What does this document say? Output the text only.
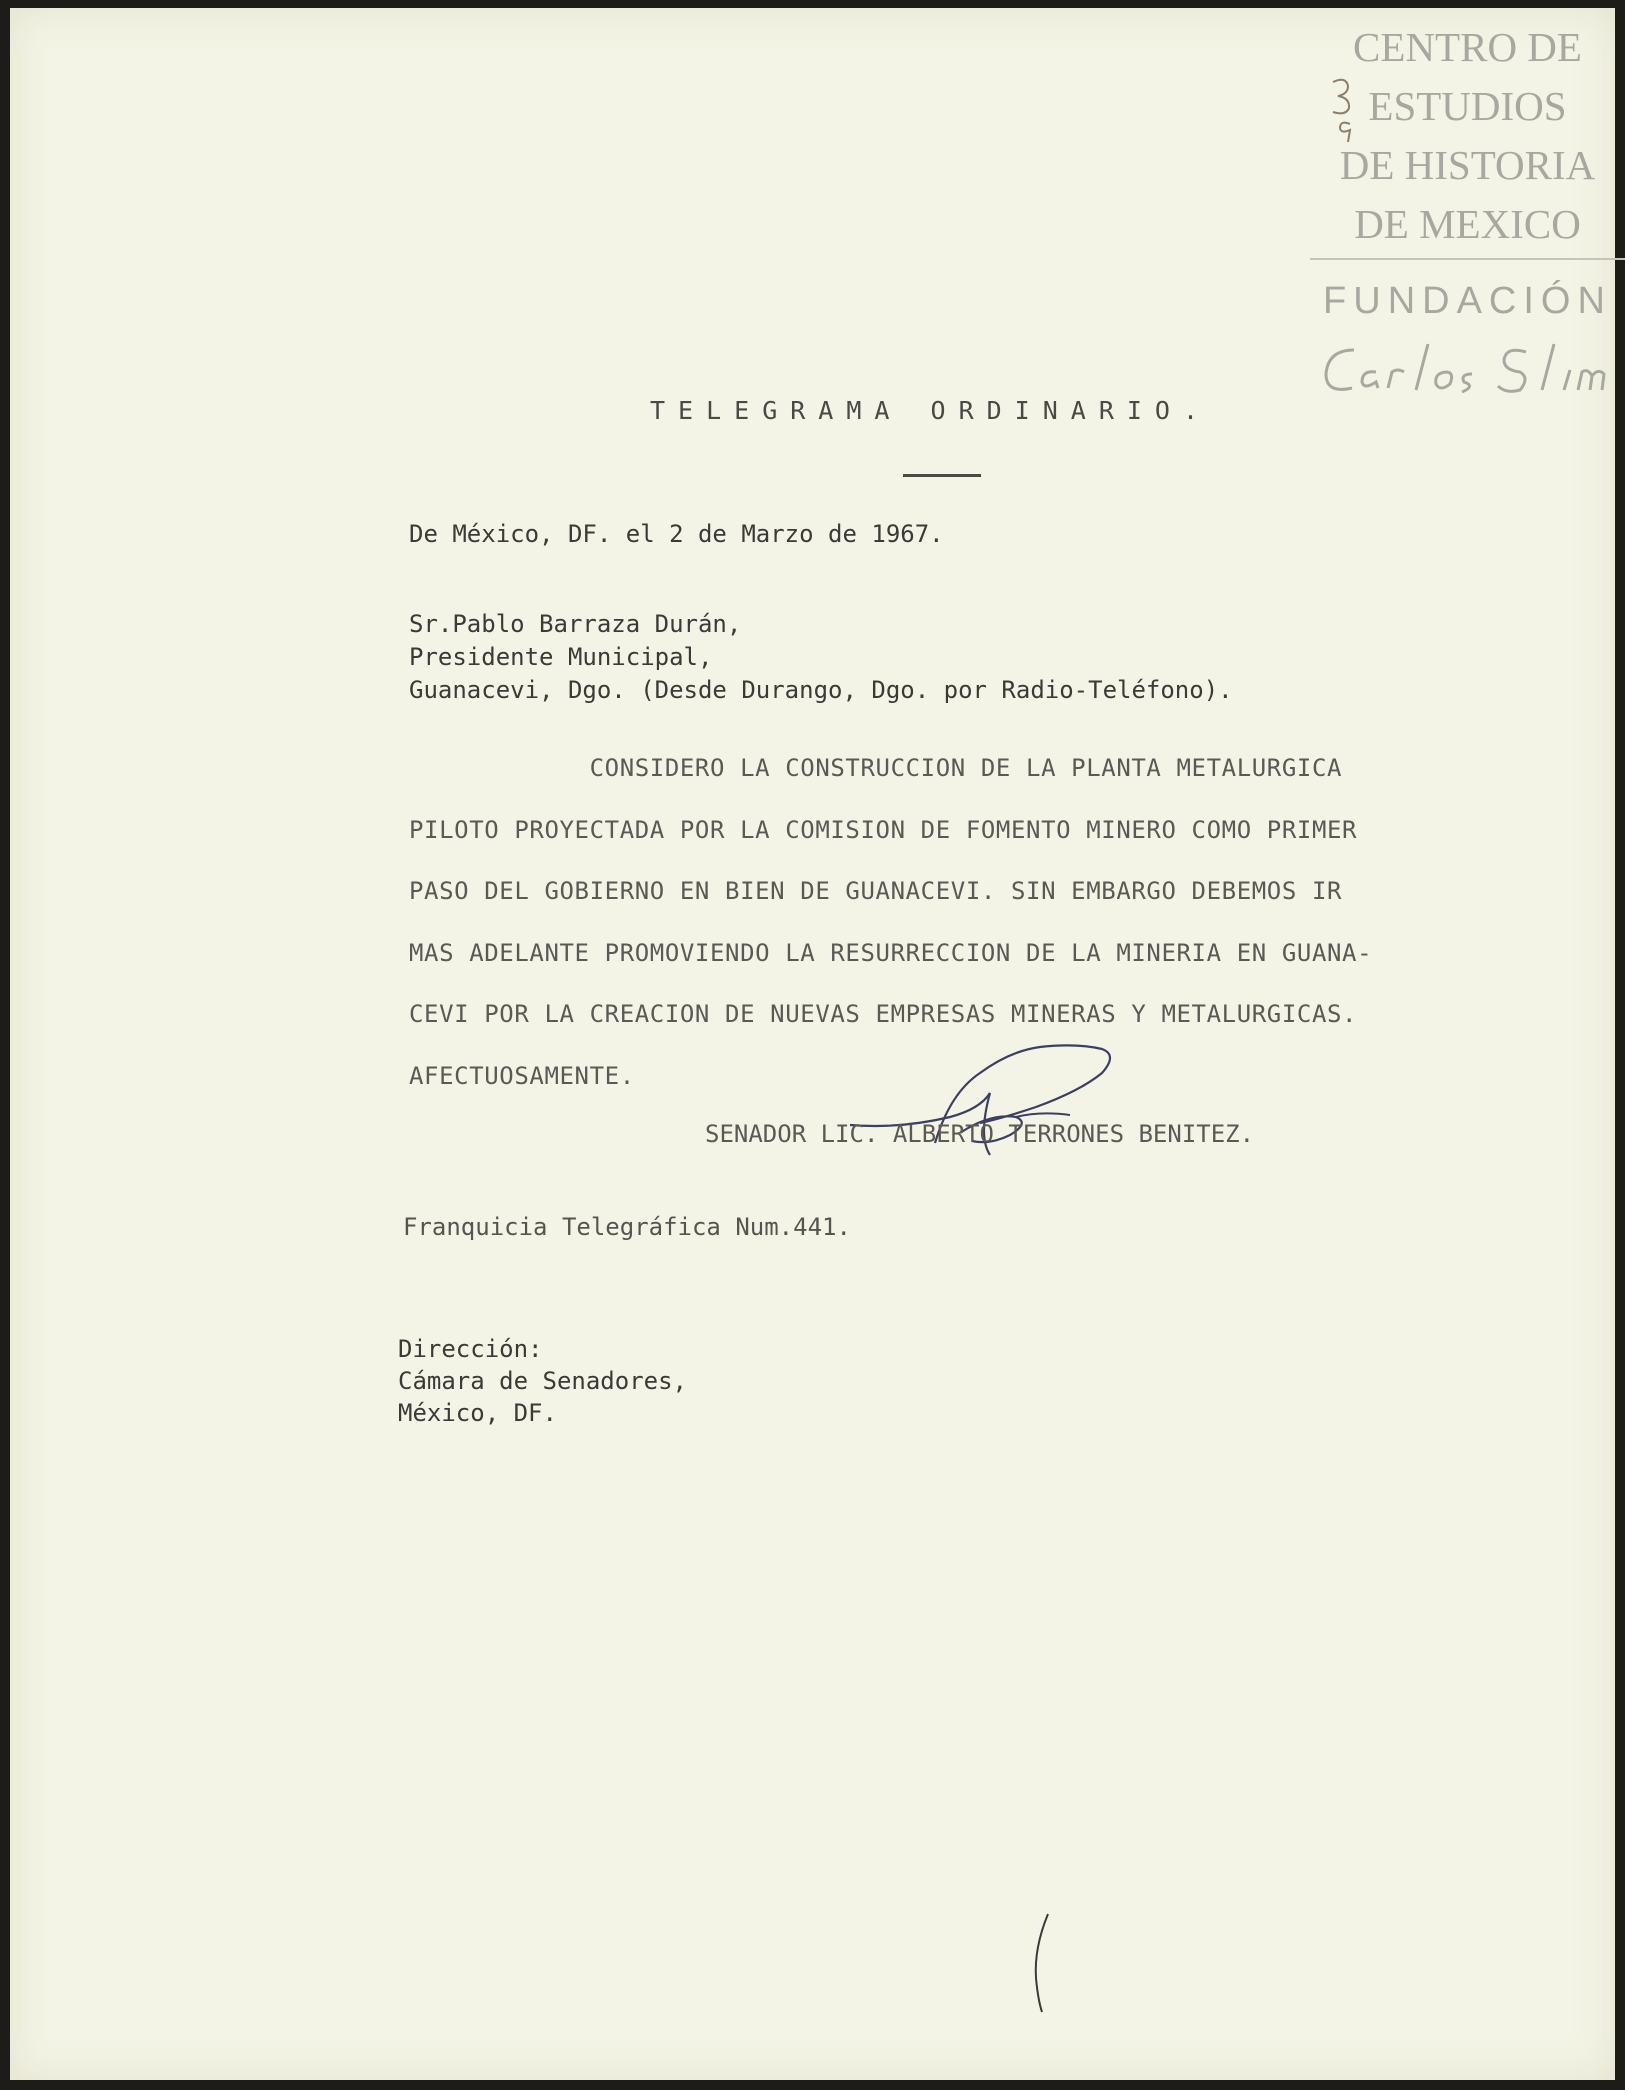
CENTRO DE
ESTUDIOS
DE HISTORIA
DE MEXICO
FUNDACIÓN
TELEGRAMA ORDINARIO.
De México, DF. el 2 de Marzo de 1967.
Sr.Pablo Barraza Durán,
Presidente Municipal,
Guanacevi, Dgo. (Desde Durango, Dgo. por Radio-Teléfono).
CONSIDERO LA CONSTRUCCION DE LA PLANTA METALURGICA
PILOTO PROYECTADA POR LA COMISION DE FOMENTO MINERO COMO PRIMER
PASO DEL GOBIERNO EN BIEN DE GUANACEVI. SIN EMBARGO DEBEMOS IR
MAS ADELANTE PROMOVIENDO LA RESURRECCION DE LA MINERIA EN GUANA-
CEVI POR LA CREACION DE NUEVAS EMPRESAS MINERAS Y METALURGICAS.
AFECTUOSAMENTE.
SENADOR LIC. ALBERTO TERRONES BENITEZ.
Franquicia Telegráfica Num.441.
Dirección:
Cámara de Senadores,
México, DF.
